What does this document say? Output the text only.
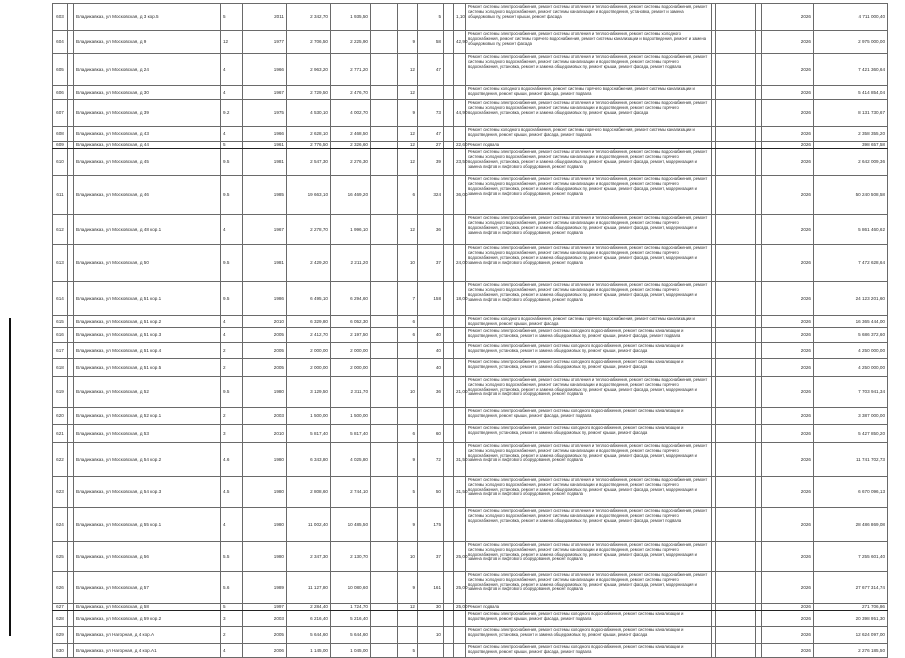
603		Владикавказ, ул Московская, д 3 кор.5	5	2011	2 342,70	1 935,50			5		1,10	Ремонт системы электроснабжения, ремонт системы отопления и теплоснабжения, ремонт системы водоснабжения, ремонт системы холодного водоснабжения, ремонт системы канализации и водоотведения, установка, ремонт и замена общедомовых пу, ремонт крыши, ремонт фасада				2026	4 711 000,40
604		Владикавказ, ул Московская, д 9	12	1977	2 706,50	2 225,90		9	58		42,90	Ремонт системы электроснабжения, ремонт системы отопления и теплоснабжения, ремонт системы холодного водоснабжения, ремонт системы горячего водоснабжения, ремонт системы канализации и водоотведения, ремонт и замена общедомовых пу, ремонт фасада				2026	2 975 000,00
605		Владикавказ, ул Московская, д 24	4	1966	2 963,20	2 771,20		12	47			Ремонт системы электроснабжения, ремонт системы отопления и теплоснабжения, ремонт системы водоснабжения, ремонт системы холодного водоснабжения, ремонт системы канализации и водоотведения, ремонт системы горячего водоснабжения, установка, ремонт и замена общедомовых пу, ремонт крыши, ремонт фасада, ремонт подвала				2026	7 421 360,64
606		Владикавказ, ул Московская, д 30	4	1967	2 729,50	2 476,70		12				Ремонт системы холодного водоснабжения, ремонт системы горячего водоснабжения, ремонт системы канализации и водоотведения, ремонт крыши, ремонт фасада, ремонт подвала				2026	5 414 854,04
607		Владикавказ, ул Московская, д 39	9.2	1975	4 530,10	4 002,70		9	73		44,90	Ремонт системы электроснабжения, ремонт системы отопления и теплоснабжения, ремонт системы водоснабжения, ремонт системы холодного водоснабжения, ремонт системы канализации и водоотведения, ремонт системы горячего водоснабжения, установка, ремонт и замена общедомовых пу, ремонт крыши, ремонт фасада				2026	8 131 730,67
608		Владикавказ, ул Московская, д 43	4	1966	2 628,10	2 468,50		12	47			Ремонт системы холодного водоснабжения, ремонт системы горячего водоснабжения, ремонт системы канализации и водоотведения, ремонт крыши, ремонт фасада, ремонт подвала				2026	2 358 355,20
609		Владикавказ, ул Московская, д 44	5	1961	2 776,50	2 326,60		12	27		22,60	Ремонт подвала				2026	398 657,58
610		Владикавказ, ул Московская, д 45	9.5	1981	2 547,30	2 276,30		12	39		23,50	Ремонт системы электроснабжения, ремонт системы отопления и теплоснабжения, ремонт системы водоснабжения, ремонт системы холодного водоснабжения, ремонт системы канализации и водоотведения, ремонт системы горячего водоснабжения, установка, ремонт и замена общедомовых пу, ремонт крыши, ремонт фасада, ремонт, модернизация и замена лифтов и лифтового оборудования, ремонт подвала				2026	2 642 009,36
611		Владикавказ, ул Московская, д 46	9.5	1985	19 663,10	16 469,20		6	324		36,00	Ремонт системы электроснабжения, ремонт системы отопления и теплоснабжения, ремонт системы водоснабжения, ремонт системы холодного водоснабжения, ремонт системы канализации и водоотведения, ремонт системы горячего водоснабжения, установка, ремонт и замена общедомовых пу, ремонт крыши, ремонт фасада, ремонт, модернизация и замена лифтов и лифтового оборудования, ремонт подвала				2026	50 240 508,58
612		Владикавказ, ул Московская, д 48 кор.1	4	1967	2 278,70	1 996,10		12	36			Ремонт системы электроснабжения, ремонт системы отопления и теплоснабжения, ремонт системы водоснабжения, ремонт системы холодного водоснабжения, ремонт системы канализации и водоотведения, ремонт системы горячего водоснабжения, установка, ремонт и замена общедомовых пу, ремонт крыши, ремонт фасада, ремонт, модернизация и замена лифтов и лифтового оборудования, ремонт подвала				2026	5 861 460,62
613		Владикавказ, ул Московская, д 50	9.5	1981	2 429,20	2 211,20		10	37		24,00	Ремонт системы электроснабжения, ремонт системы отопления и теплоснабжения, ремонт системы водоснабжения, ремонт системы холодного водоснабжения, ремонт системы канализации и водоотведения, ремонт системы горячего водоснабжения, установка, ремонт и замена общедомовых пу, ремонт крыши, ремонт фасада, ремонт, модернизация и замена лифтов и лифтового оборудования, ремонт подвала				2026	7 472 628,64
614		Владикавказ, ул Московская, д 51 кор.1	9.5	1986	6 495,10	6 294,60		7	158		18,00	Ремонт системы электроснабжения, ремонт системы отопления и теплоснабжения, ремонт системы водоснабжения, ремонт системы холодного водоснабжения, ремонт системы канализации и водоотведения, ремонт системы горячего водоснабжения, установка, ремонт и замена общедомовых пу, ремонт крыши, ремонт фасада, ремонт, модернизация и замена лифтов и лифтового оборудования, ремонт подвала				2026	24 123 201,60
615		Владикавказ, ул Московская, д 51 кор.2	4	2010	6 329,80	6 052,30		6				Ремонт системы холодного водоснабжения, ремонт системы горячего водоснабжения, ремонт системы канализации и водоотведения, ремонт крыши, ремонт фасада				2026	16 365 444,00
616		Владикавказ, ул Московская, д 51 кор.3	4	2005	2 412,70	2 197,50		6	40			Ремонт системы электроснабжения, ремонт системы холодного водоснабжения, ремонт системы канализации и водоотведения, установка, ремонт и замена общедомовых пу, ремонт крыши, ремонт фасада, ремонт подвала				2026	5 686 372,60
617		Владикавказ, ул Московская, д 51 кор.4	2	2005	2 000,00	2 000,00			40			Ремонт системы электроснабжения, ремонт системы холодного водоснабжения, ремонт системы канализации и водоотведения, установка, ремонт и замена общедомовых пу, ремонт крыши, ремонт фасада				2026	4 250 000,00
618		Владикавказ, ул Московская, д 51 кор.5	2	2005	2 000,00	2 000,00			40			Ремонт системы электроснабжения, ремонт системы холодного водоснабжения, ремонт системы канализации и водоотведения, установка, ремонт и замена общедомовых пу, ремонт крыши, ремонт фасада				2026	4 250 000,00
619		Владикавказ, ул Московская, д 52	9.5	1980	3 129,50	2 311,70		10	36		21,00	Ремонт системы электроснабжения, ремонт системы отопления и теплоснабжения, ремонт системы водоснабжения, ремонт системы холодного водоснабжения, ремонт системы канализации и водоотведения, ремонт системы горячего водоснабжения, установка, ремонт и замена общедомовых пу, ремонт крыши, ремонт фасада, ремонт, модернизация и замена лифтов и лифтового оборудования, ремонт подвала				2026	7 703 941,34
620		Владикавказ, ул Московская, д 52 кор.1	2	2003	1 500,00	1 500,00						Ремонт системы электроснабжения, ремонт системы холодного водоснабжения, ремонт системы канализации и водоотведения, ремонт крыши, ремонт фасада, ремонт подвала				2026	3 387 000,00
621		Владикавказ, ул Московская, д 53	3	2010	5 817,40	5 817,40		6	60			Ремонт системы электроснабжения, ремонт системы холодного водоснабжения, ремонт системы канализации и водоотведения, установка, ремонт и замена общедомовых пу, ремонт крыши, ремонт фасада				2026	5 427 850,20
622		Владикавказ, ул Московская, д 54 кор.2	4.6	1980	6 343,80	4 025,80		9	72		31,50	Ремонт системы электроснабжения, ремонт системы отопления и теплоснабжения, ремонт системы водоснабжения, ремонт системы холодного водоснабжения, ремонт системы канализации и водоотведения, ремонт системы горячего водоснабжения, установка, ремонт и замена общедомовых пу, ремонт крыши, ремонт фасада, ремонт, модернизация и замена лифтов и лифтового оборудования, ремонт подвала				2026	11 741 702,73
623		Владикавказ, ул Московская, д 54 кор.3	4.5	1980	2 808,60	2 744,10		5	50		31,50	Ремонт системы электроснабжения, ремонт системы отопления и теплоснабжения, ремонт системы водоснабжения, ремонт системы холодного водоснабжения, ремонт системы канализации и водоотведения, ремонт системы горячего водоснабжения, установка, ремонт и замена общедомовых пу, ремонт крыши, ремонт фасада, ремонт, модернизация и замена лифтов и лифтового оборудования, ремонт подвала				2026	6 670 096,13
624		Владикавказ, ул Московская, д 55 кор.1	4	1980	11 002,40	10 485,50		9	175			Ремонт системы электроснабжения, ремонт системы отопления и теплоснабжения, ремонт системы водоснабжения, ремонт системы холодного водоснабжения, ремонт системы канализации и водоотведения, ремонт системы горячего водоснабжения, установка, ремонт и замена общедомовых пу, ремонт крыши, ремонт фасада, ремонт подвала				2026	28 486 869,08
625		Владикавказ, ул Московская, д 56	5.5	1980	2 347,30	2 130,70		10	37		25,00	Ремонт системы электроснабжения, ремонт системы отопления и теплоснабжения, ремонт системы водоснабжения, ремонт системы холодного водоснабжения, ремонт системы канализации и водоотведения, ремонт системы горячего водоснабжения, установка, ремонт и замена общедомовых пу, ремонт крыши, ремонт фасада, ремонт, модернизация и замена лифтов и лифтового оборудования, ремонт подвала				2026	7 255 601,40
626		Владикавказ, ул Московская, д 57	5.6	1989	11 127,80	10 080,60		9	161		25,00	Ремонт системы электроснабжения, ремонт системы отопления и теплоснабжения, ремонт системы водоснабжения, ремонт системы холодного водоснабжения, ремонт системы канализации и водоотведения, ремонт системы горячего водоснабжения, установка, ремонт и замена общедомовых пу, ремонт крыши, ремонт фасада, ремонт, модернизация и замена лифтов и лифтового оборудования, ремонт подвала				2026	27 677 314,74
627		Владикавказ, ул Московская, д 58	5	1997	2 284,40	1 724,70		12	30		25,00	Ремонт подвала				2026	271 706,86
628		Владикавказ, ул Московская, д 59 кор.2	3	2003	6 216,40	5 216,40						Ремонт системы электроснабжения, ремонт системы холодного водоснабжения, ремонт системы канализации и водоотведения, ремонт крыши, ремонт фасада, ремонт подвала				2026	20 398 951,30
629		Владикавказ, ул Нагорная, д 4 кор.А	2	2005	5 644,60	5 644,60			10			Ремонт системы электроснабжения, ремонт системы холодного водоснабжения, ремонт системы канализации и водоотведения, установка, ремонт и замена общедомовых пу, ремонт крыши, ремонт фасада				2026	12 624 097,00
630		Владикавказ, ул Нагорная, д 4 кор.А1	4	2006	1 145,00	1 045,00		5				Ремонт системы электроснабжения, ремонт системы холодного водоснабжения, ремонт системы канализации и водоотведения, ремонт крыши, ремонт фасада, ремонт подвала				2026	2 276 185,50
